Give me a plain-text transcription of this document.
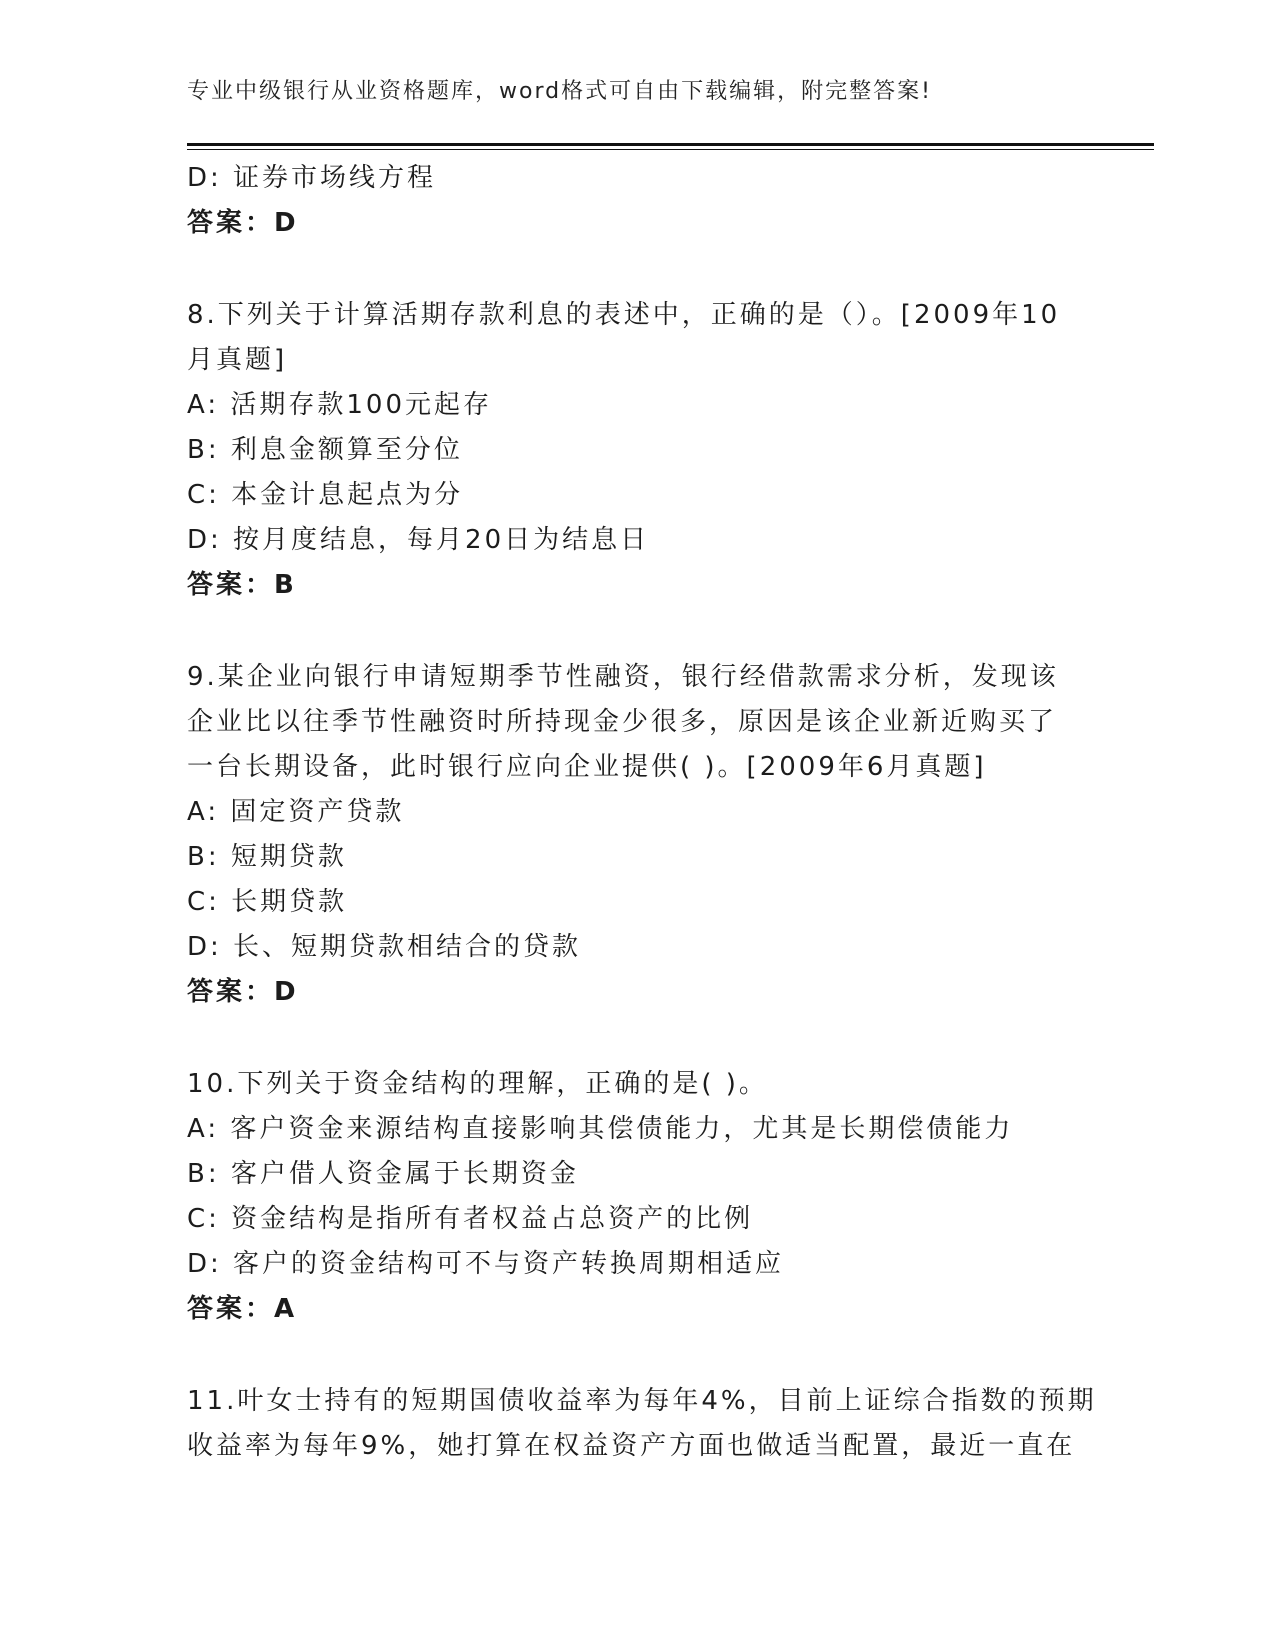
专业中级银行从业资格题库，word格式可自由下载编辑，附完整答案!
D: 证券市场线方程
答案：D
8.下列关于计算活期存款利息的表述中，正确的是（）。[2009年10
月真题]
A: 活期存款100元起存
B: 利息金额算至分位
C: 本金计息起点为分
D: 按月度结息，每月20日为结息日
答案：B
9.某企业向银行申请短期季节性融资，银行经借款需求分析，发现该
企业比以往季节性融资时所持现金少很多，原因是该企业新近购买了
一台长期设备，此时银行应向企业提供( )。[2009年6月真题]
A: 固定资产贷款
B: 短期贷款
C: 长期贷款
D: 长、短期贷款相结合的贷款
答案：D
10.下列关于资金结构的理解，正确的是( )。
A: 客户资金来源结构直接影响其偿债能力，尤其是长期偿债能力
B: 客户借人资金属于长期资金
C: 资金结构是指所有者权益占总资产的比例
D: 客户的资金结构可不与资产转换周期相适应
答案：A
11.叶女士持有的短期国债收益率为每年4%，目前上证综合指数的预期
收益率为每年9%，她打算在权益资产方面也做适当配置，最近一直在
